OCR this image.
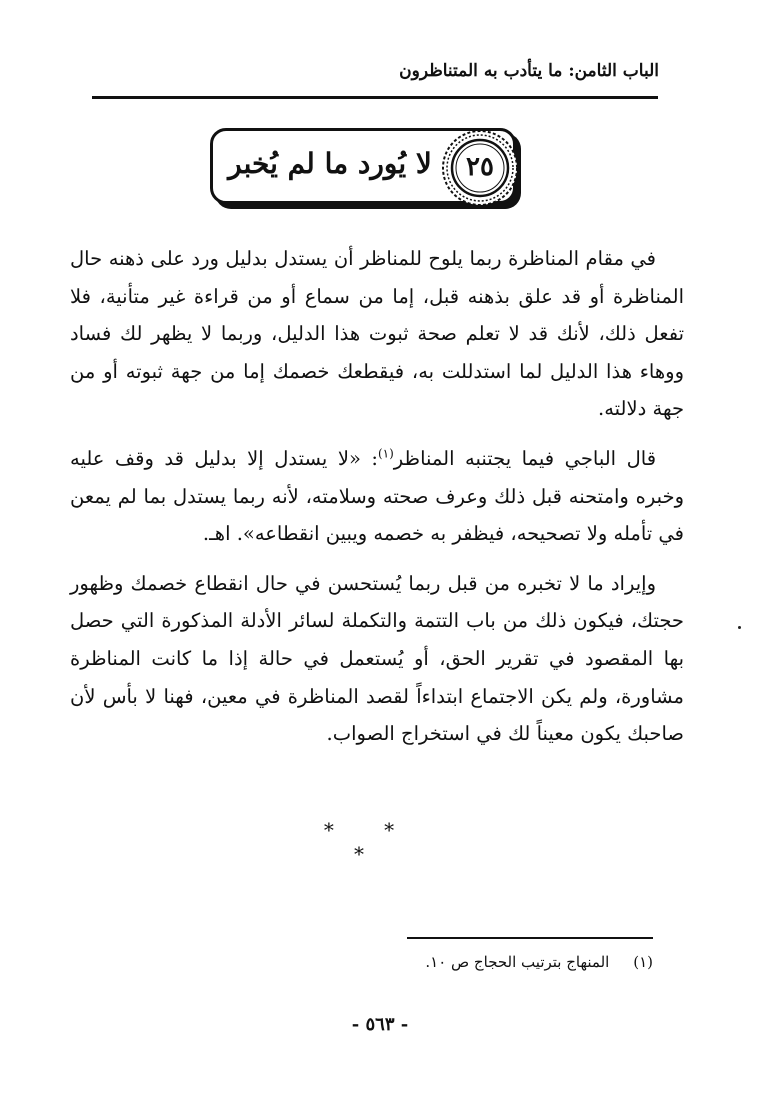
الباب الثامن: ما يتأدب به المتناظرون
لا يُورد ما لم يُخبر	٢٥

في مقام المناظرة ربما يلوح للمناظر أن يستدل بدليل ورد على ذهنه حال المناظرة أو قد علق بذهنه قبل، إما من سماع أو من قراءة غير متأنية، فلا تفعل ذلك، لأنك قد لا تعلم صحة ثبوت هذا الدليل، وربما لا يظهر لك فساد ووهاء هذا الدليل لما استدللت به، فيقطعك خصمك إما من جهة ثبوته أو من جهة دلالته.

قال الباجي فيما يجتنبه المناظر$^{(١)}$: «لا يستدل إلا بدليل قد وقف عليه وخبره وامتحنه قبل ذلك وعرف صحته وسلامته، لأنه ربما يستدل بما لم يمعن في تأمله ولا تصحيحه، فيظفر به خصمه ويبين انقطاعه». اهـ.

وإيراد ما لا تخبره من قبل ربما يُستحسن في حال انقطاع خصمك وظهور حجتك، فيكون ذلك من باب التتمة والتكملة لسائر الأدلة المذكورة التي حصل بها المقصود في تقرير الحق، أو يُستعمل في حالة إذا ما كانت المناظرة مشاورة، ولم يكن الاجتماع ابتداءاً لقصد المناظرة في معين، فهنا لا بأس لأن صاحبك يكون معيناً لك في استخراج الصواب.

* * *
(١)     المنهاج بترتيب الحجاج ص ١٠.
- ٥٦٣ -
